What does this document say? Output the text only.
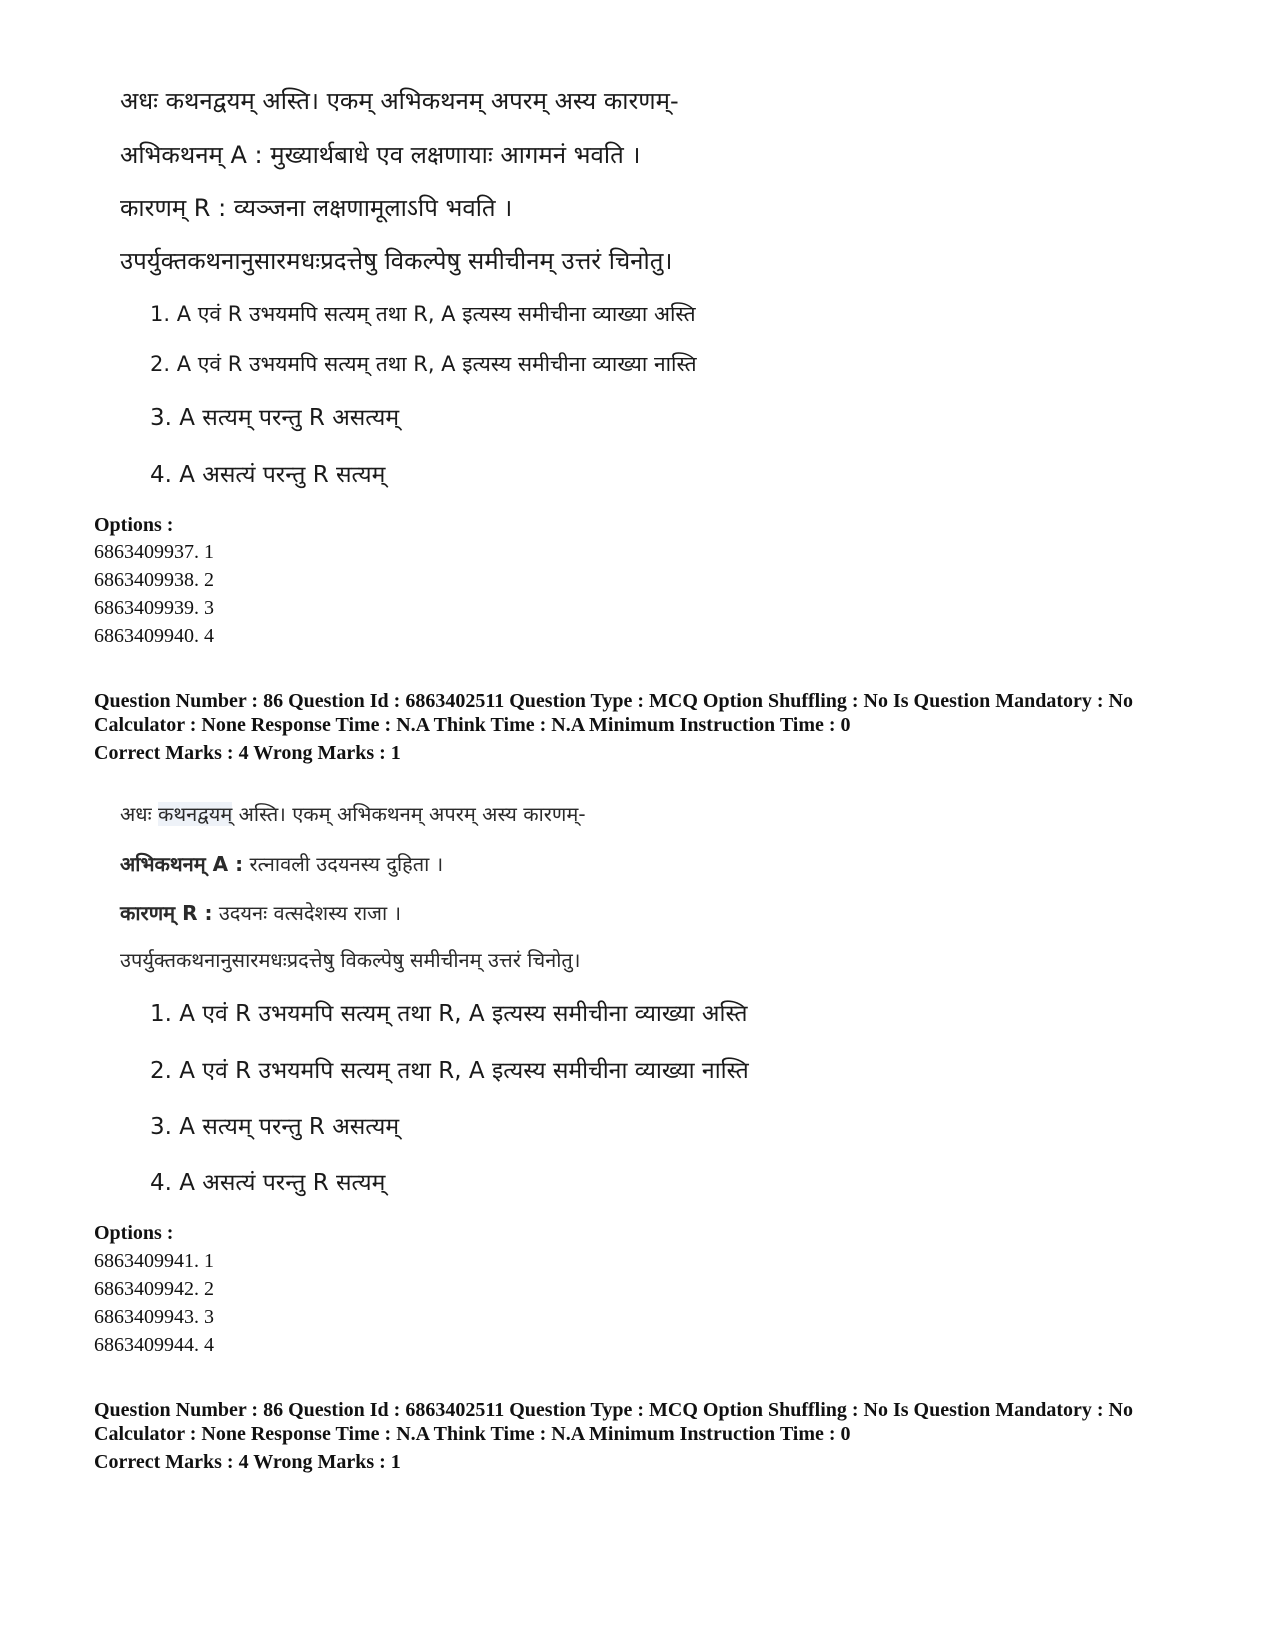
अधः कथनद्वयम् अस्ति। एकम् अभिकथनम् अपरम् अस्य कारणम्-
अभिकथनम् A : मुख्यार्थबाधे एव लक्षणायाः आगमनं भवति ।
कारणम् R : व्यञ्जना लक्षणामूलाऽपि भवति ।
उपर्युक्तकथनानुसारमधःप्रदत्तेषु विकल्पेषु समीचीनम् उत्तरं चिनोतु।
1. A एवं R उभयमपि सत्यम् तथा R, A इत्यस्य समीचीना व्याख्या अस्ति
2. A एवं R उभयमपि सत्यम् तथा R, A इत्यस्य समीचीना व्याख्या नास्ति
3. A सत्यम् परन्तु R असत्यम्
4. A असत्यं परन्तु R सत्यम्
Options :
6863409937. 1
6863409938. 2
6863409939. 3
6863409940. 4
Question Number : 86 Question Id : 6863402511 Question Type : MCQ Option Shuffling : No Is Question Mandatory : No Calculator : None Response Time : N.A Think Time : N.A Minimum Instruction Time : 0
Correct Marks : 4 Wrong Marks : 1
अधः कथनद्वयम् अस्ति। एकम् अभिकथनम् अपरम् अस्य कारणम्-
अभिकथनम् A : रत्नावली उदयनस्य दुहिता ।
कारणम् R : उदयनः वत्सदेशस्य राजा ।
उपर्युक्तकथनानुसारमधःप्रदत्तेषु विकल्पेषु समीचीनम् उत्तरं चिनोतु।
1. A एवं R उभयमपि सत्यम् तथा R, A इत्यस्य समीचीना व्याख्या अस्ति
2. A एवं R उभयमपि सत्यम् तथा R, A इत्यस्य समीचीना व्याख्या नास्ति
3. A सत्यम् परन्तु R असत्यम्
4. A असत्यं परन्तु R सत्यम्
Options :
6863409941. 1
6863409942. 2
6863409943. 3
6863409944. 4
Question Number : 86 Question Id : 6863402511 Question Type : MCQ Option Shuffling : No Is Question Mandatory : No Calculator : None Response Time : N.A Think Time : N.A Minimum Instruction Time : 0
Correct Marks : 4 Wrong Marks : 1
